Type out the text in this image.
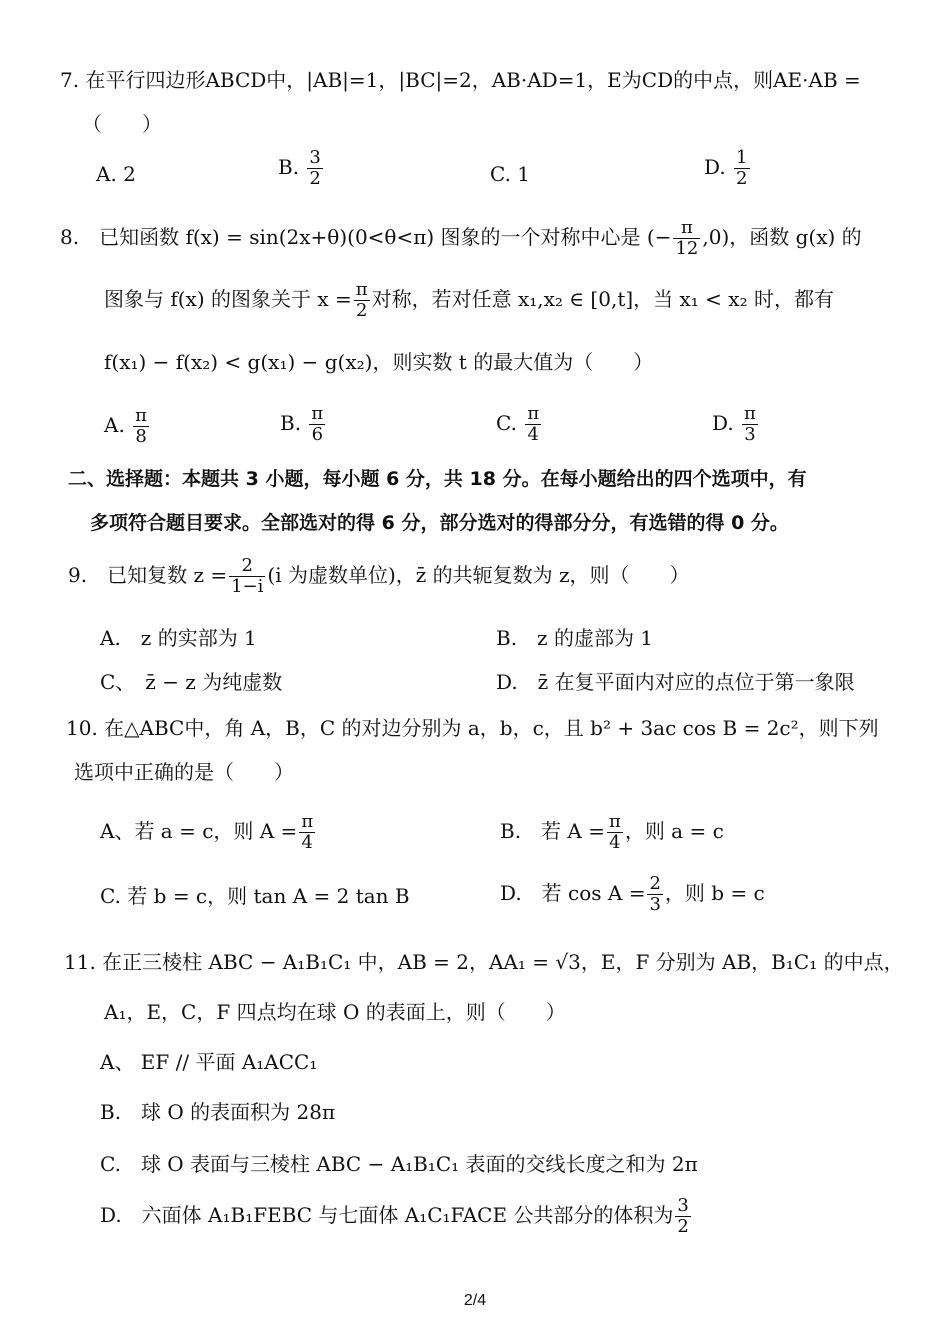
7. 在平行四边形ABCD中，|AB|=1，|BC|=2，AB·AD=1，E为CD的中点，则AE·AB =
（　　）
A. 2	B. $\frac{3}{2}$	C. 1	D. $\frac{1}{2}$
8.　已知函数 f(x) = sin(2x+θ)(0<θ<π) 图象的一个对称中心是 (− $\frac{\pi}{12} ,0$)，函数 g(x) 的
图象与 f(x) 的图象关于 $x = \frac{\pi}{2}$ 对称，若对任意 x₁,x₂ ∈ [0,t]，当 x₁ < x₂ 时，都有
f(x₁) − f(x₂) < g(x₁) − g(x₂)，则实数 t 的最大值为（　　）
A. $\frac{\pi}{8}$	B. $\frac{\pi}{6}$	C. $\frac{\pi}{4}$	D. $\frac{\pi}{3}$
二、选择题：本题共 3 小题，每小题 6 分，共 18 分。在每小题给出的四个选项中，有
多项符合题目要求。全部选对的得 6 分，部分选对的得部分分，有选错的得 0 分。
9.　已知复数 $z = \frac{2}{1-i} (i$ 为虚数单位)，z̄ 的共轭复数为 z，则（　　）
A.　z 的实部为 1	B.　z 的虚部为 1
C、　z̄ − z 为纯虚数	D.　z̄ 在复平面内对应的点位于第一象限
10. 在△ABC中，角 A，B，C 的对边分别为 a，b，c，且 b² + 3ac cos B = 2c²，则下列
选项中正确的是（　　）
A、若 a = c，则 $A = \frac{\pi}{4}$	B.　若 $A = \frac{\pi}{4}$ ，则 a = c
C. 若 b = c，则 tan A = 2 tan B	D.　若 $\cos A = \frac{2}{3}$ ，则 b = c
11. 在正三棱柱 ABC − A₁B₁C₁ 中，AB = 2，AA₁ = √3，E，F 分别为 AB，B₁C₁ 的中点，
A₁，E，C，F 四点均在球 O 的表面上，则（　　）
A、 EF // 平面 A₁ACC₁
B.　球 O 的表面积为 28π
C.　球 O 表面与三棱柱 ABC − A₁B₁C₁ 表面的交线长度之和为 2π
D.　六面体 A₁B₁FEBC 与七面体 A₁C₁FACE 公共部分的体积为 $\frac{3}{2}$
2/4
